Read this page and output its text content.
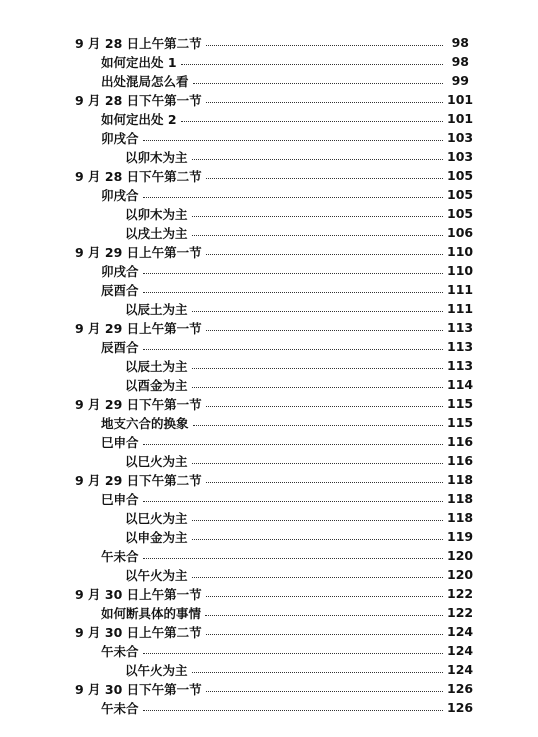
9 月 28 日上午第二节	98
如何定出处 1	98
出处混局怎么看	99
9 月 28 日下午第一节	101
如何定出处 2	101
卯戌合	103
以卯木为主	103
9 月 28 日下午第二节	105
卯戌合	105
以卯木为主	105
以戌土为主	106
9 月 29 日上午第一节	110
卯戌合	110
辰酉合	111
以辰土为主	111
9 月 29 日上午第一节	113
辰酉合	113
以辰土为主	113
以酉金为主	114
9 月 29 日下午第一节	115
地支六合的换象	115
巳申合	116
以巳火为主	116
9 月 29 日下午第二节	118
巳申合	118
以巳火为主	118
以申金为主	119
午未合	120
以午火为主	120
9 月 30 日上午第一节	122
如何断具体的事情	122
9 月 30 日上午第二节	124
午未合	124
以午火为主	124
9 月 30 日下午第一节	126
午未合	126
